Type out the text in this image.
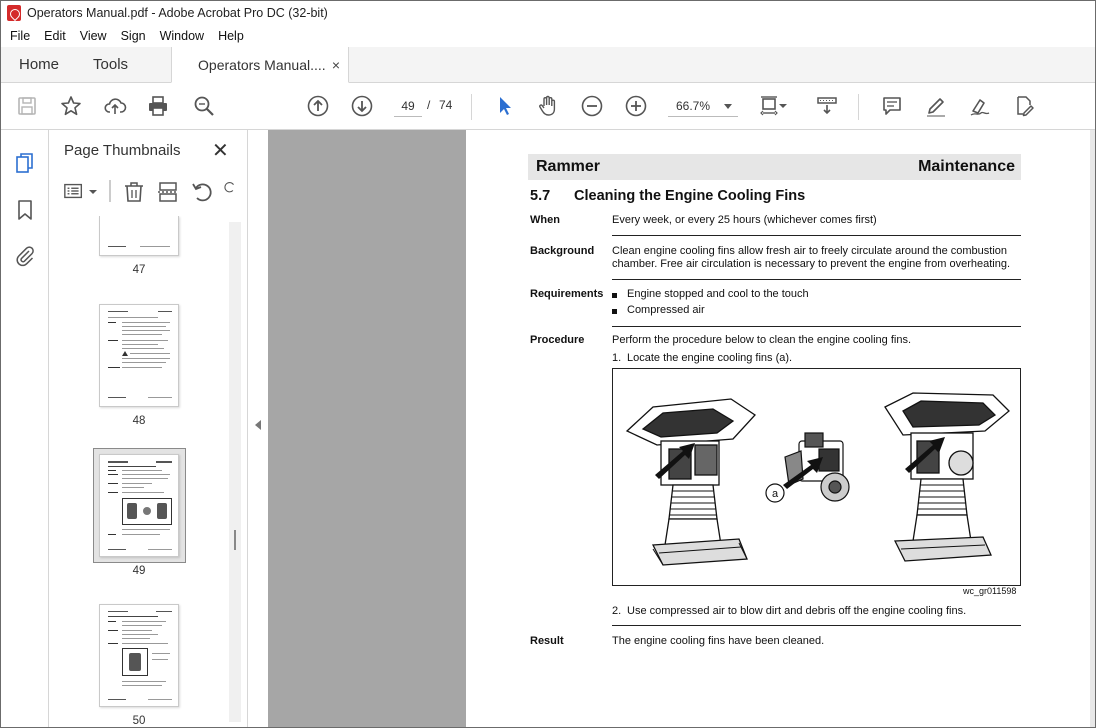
Operators Manual.pdf - Adobe Acrobat Pro DC (32-bit)
File	Edit	View	Sign	Window	Help
Home	Tools	Operators Manual.... ×
49	/ 74	66.7%
Page Thumbnails ✕
47
48
49
50
Rammer	Maintenance
5.7 Cleaning the Engine Cooling Fins
When	Every week, or every 25 hours (whichever comes first)
Background Clean engine cooling fins allow fresh air to freely circulate around the combustion
chamber. Free air circulation is necessary to prevent the engine from overheating.
Requirements Engine stopped and cool to the touch
Compressed air
Procedure	Perform the procedure below to clean the engine cooling fins.
1. Locate the engine cooling fins (a).
a
wc_gr011598
2. Use compressed air to blow dirt and debris off the engine cooling fins.
Result	The engine cooling fins have been cleaned.
